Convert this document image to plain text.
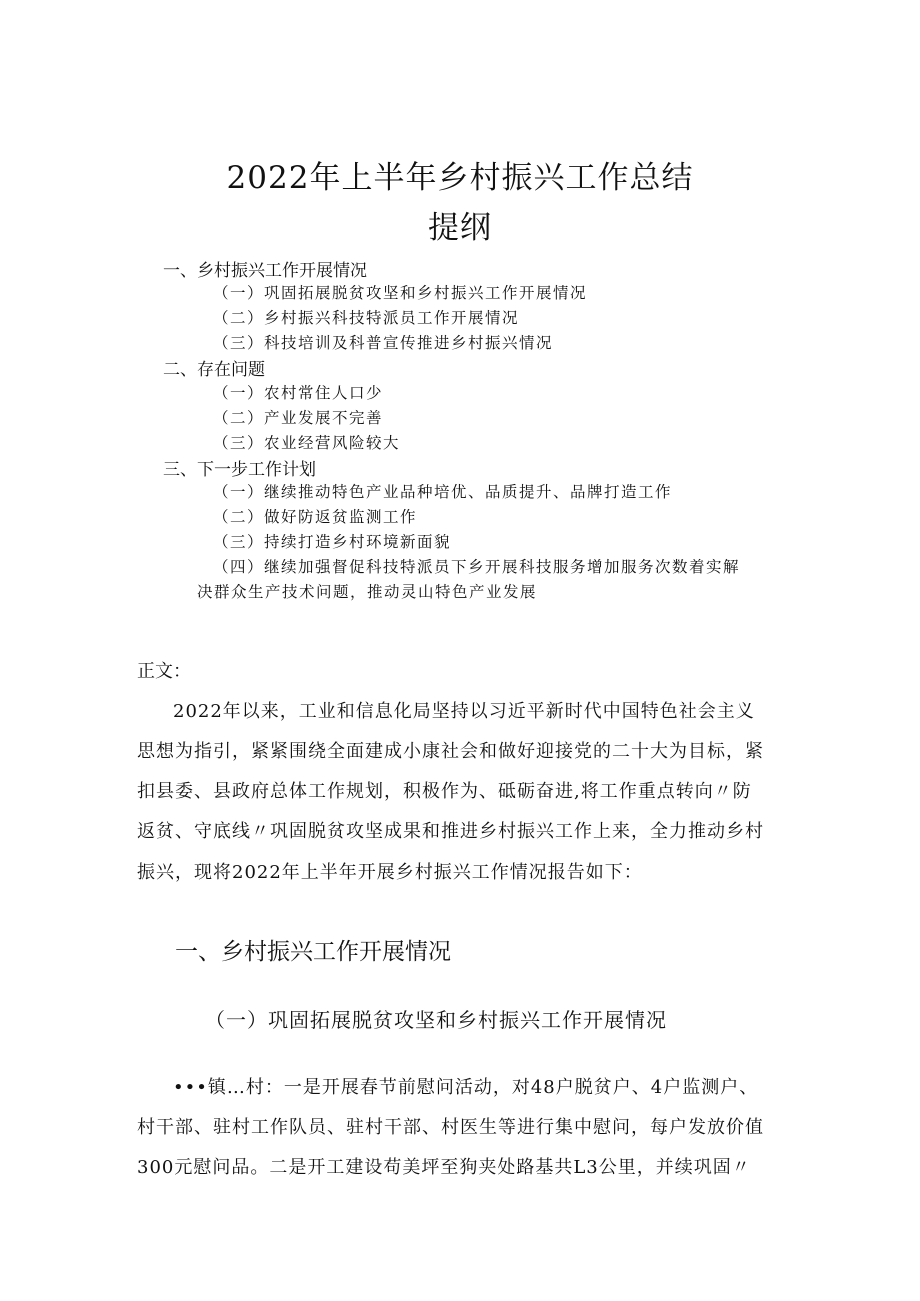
2022年上半年乡村振兴工作总结
提纲
一、乡村振兴工作开展情况
（一）巩固拓展脱贫攻坚和乡村振兴工作开展情况
（二）乡村振兴科技特派员工作开展情况
（三）科技培训及科普宣传推进乡村振兴情况
二、存在问题
（一）农村常住人口少
（二）产业发展不完善
（三）农业经营风险较大
三、下一步工作计划
（一）继续推动特色产业品种培优、品质提升、品牌打造工作
（二）做好防返贫监测工作
（三）持续打造乡村环境新面貌
（四）继续加强督促科技特派员下乡开展科技服务增加服务次数着实解
决群众生产技术问题，推动灵山特色产业发展
正文：
2022年以来，工业和信息化局坚持以习近平新时代中国特色社会主义
思想为指引，紧紧围绕全面建成小康社会和做好迎接党的二十大为目标，紧
扣县委、县政府总体工作规划，积极作为、砥砺奋进,将工作重点转向〃防
返贫、守底线〃巩固脱贫攻坚成果和推进乡村振兴工作上来，全力推动乡村
振兴，现将2022年上半年开展乡村振兴工作情况报告如下：
一、乡村振兴工作开展情况
（一）巩固拓展脱贫攻坚和乡村振兴工作开展情况
•••镇…村：一是开展春节前慰问活动，对48户脱贫户、4户监测户、
村干部、驻村工作队员、驻村干部、村医生等进行集中慰问，每户发放价值
300元慰问品。二是开工建设苟美坪至狗夹处路基共L3公里，并续巩固〃
